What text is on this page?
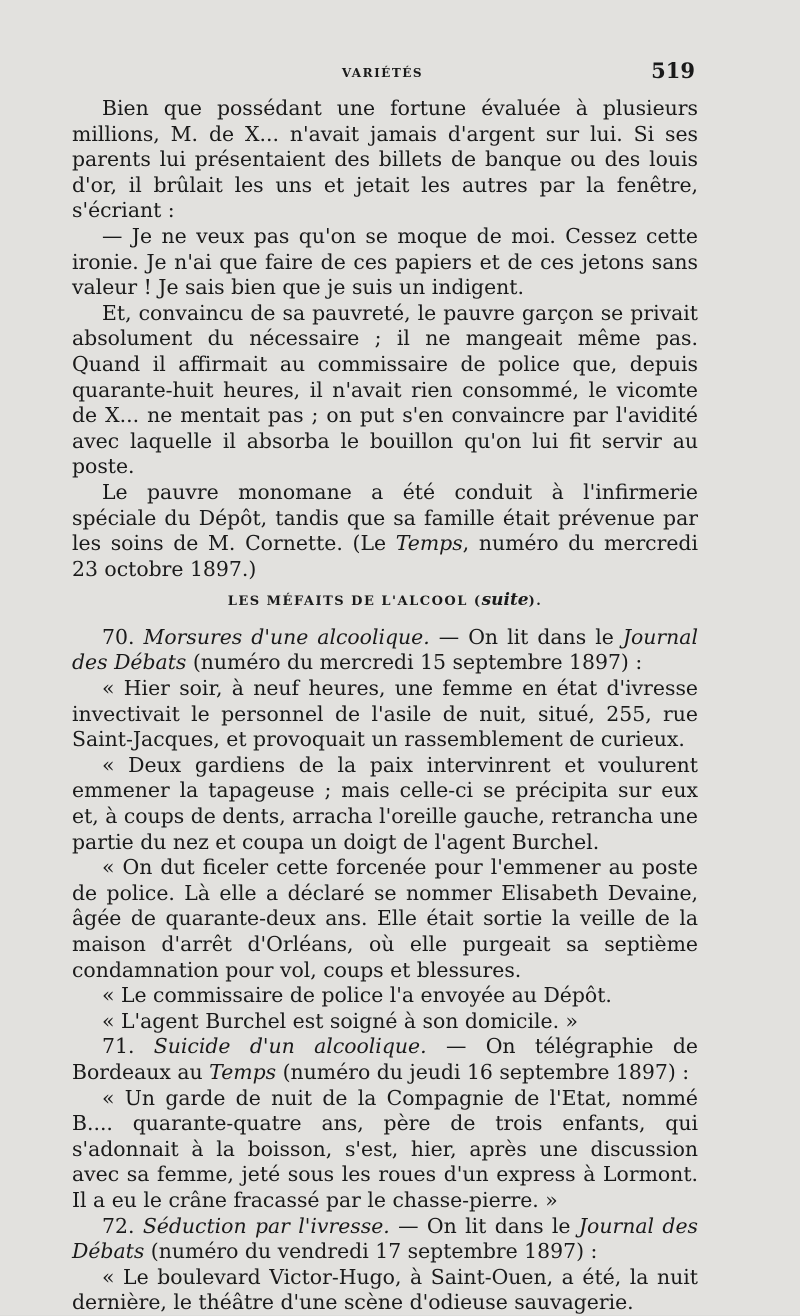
VARIÉTÉS	519

Bien que possédant une fortune évaluée à plusieurs millions, M. de X... n'avait jamais d'argent sur lui. Si ses parents lui présentaient des billets de banque ou des louis d'or, il brûlait les uns et jetait les autres par la fenêtre, s'écriant :

— Je ne veux pas qu'on se moque de moi. Cessez cette ironie. Je n'ai que faire de ces papiers et de ces jetons sans valeur ! Je sais bien que je suis un indigent.

Et, convaincu de sa pauvreté, le pauvre garçon se privait absolument du nécessaire ; il ne mangeait même pas. Quand il affirmait au commissaire de police que, depuis quarante-huit heures, il n'avait rien consommé, le vicomte de X... ne mentait pas ; on put s'en convaincre par l'avidité avec laquelle il absorba le bouillon qu'on lui fit servir au poste.

Le pauvre monomane a été conduit à l'infirmerie spéciale du Dépôt, tandis que sa famille était prévenue par les soins de M. Cornette. (Le Temps, numéro du mercredi 23 octobre 1897.)

LES MÉFAITS DE L'ALCOOL (suite).

70. Morsures d'une alcoolique. — On lit dans le Journal des Débats (numéro du mercredi 15 septembre 1897) :

« Hier soir, à neuf heures, une femme en état d'ivresse invectivait le personnel de l'asile de nuit, situé, 255, rue Saint-Jacques, et provoquait un rassemblement de curieux.

« Deux gardiens de la paix intervinrent et voulurent emmener la tapageuse ; mais celle-ci se précipita sur eux et, à coups de dents, arracha l'oreille gauche, retrancha une partie du nez et coupa un doigt de l'agent Burchel.

« On dut ficeler cette forcenée pour l'emmener au poste de police. Là elle a déclaré se nommer Elisabeth Devaine, âgée de quarante-deux ans. Elle était sortie la veille de la maison d'arrêt d'Orléans, où elle purgeait sa septième condamnation pour vol, coups et blessures.

« Le commissaire de police l'a envoyée au Dépôt.

« L'agent Burchel est soigné à son domicile. »

71. Suicide d'un alcoolique. — On télégraphie de Bordeaux au Temps (numéro du jeudi 16 septembre 1897) :

« Un garde de nuit de la Compagnie de l'Etat, nommé B.... quarante-quatre ans, père de trois enfants, qui s'adonnait à la boisson, s'est, hier, après une discussion avec sa femme, jeté sous les roues d'un express à Lormont. Il a eu le crâne fracassé par le chasse-pierre. »

72. Séduction par l'ivresse. — On lit dans le Journal des Débats (numéro du vendredi 17 septembre 1897) :

« Le boulevard Victor-Hugo, à Saint-Ouen, a été, la nuit dernière, le théâtre d'une scène d'odieuse sauvagerie.
